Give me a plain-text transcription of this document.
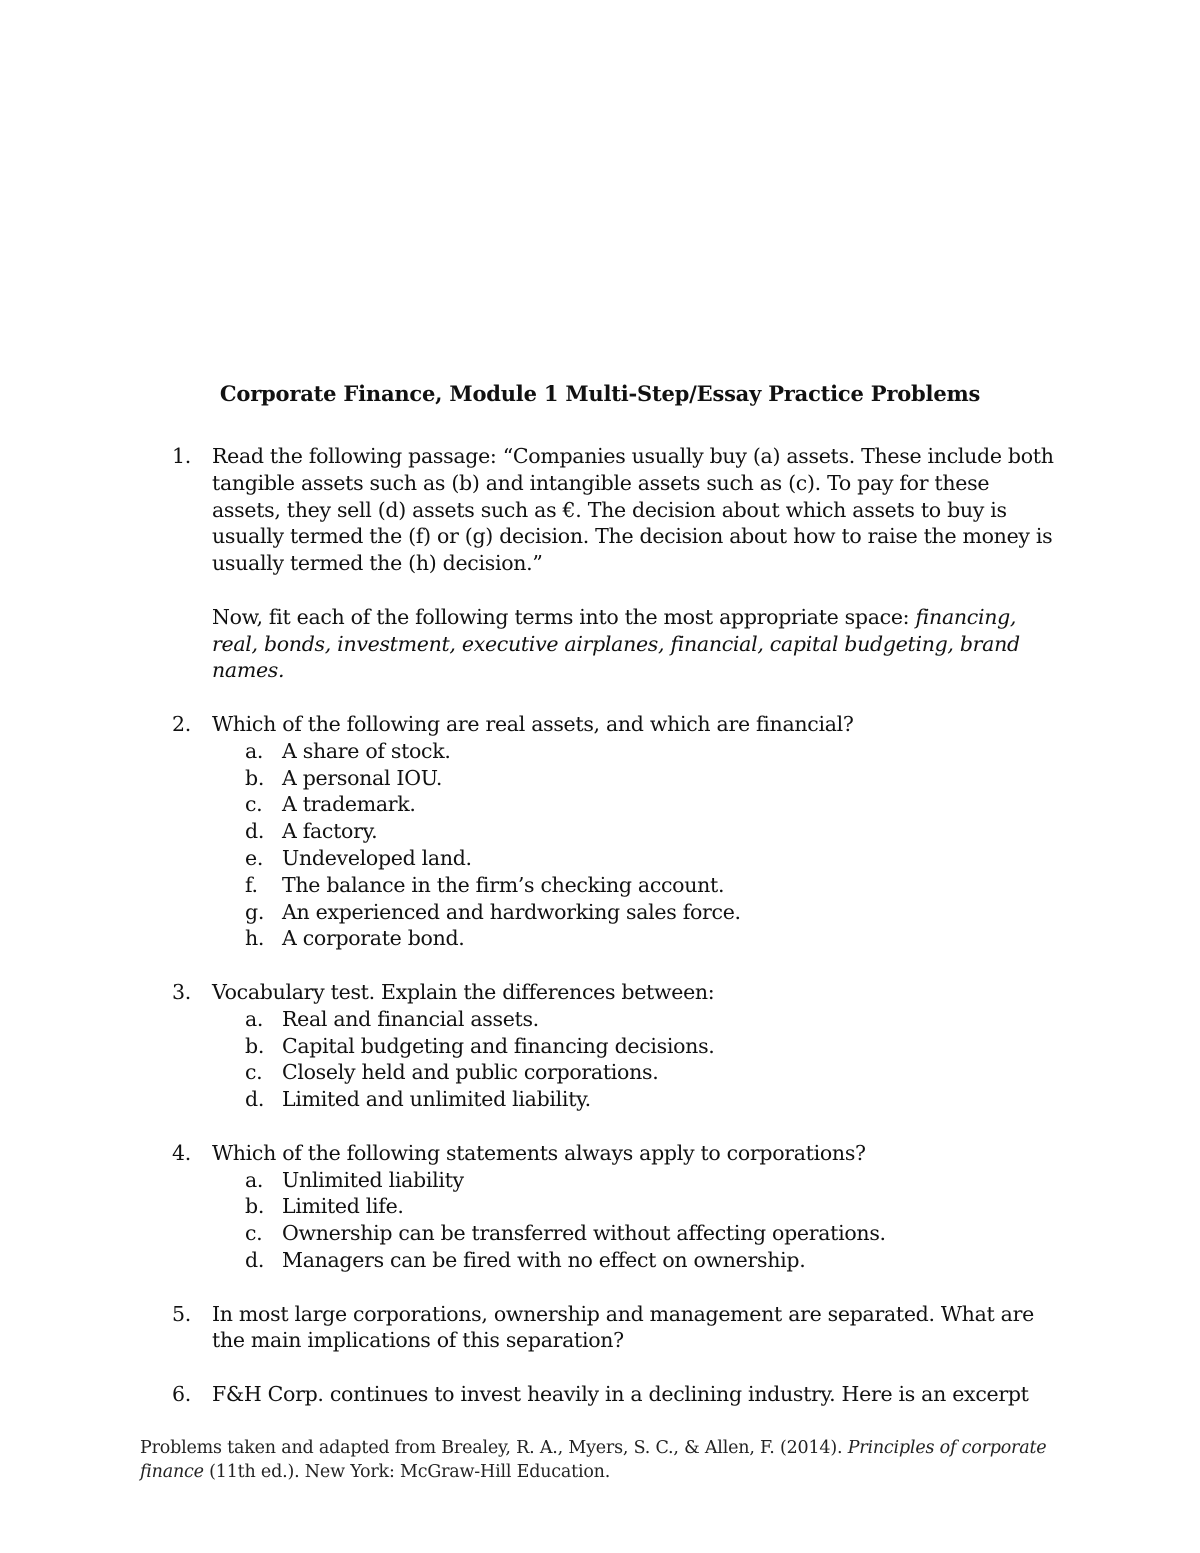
Corporate Finance, Module 1 Multi-Step/Essay Practice Problems
1. Read the following passage: “Companies usually buy (a) assets. These include both tangible assets such as (b) and intangible assets such as (c). To pay for these assets, they sell (d) assets such as €. The decision about which assets to buy is usually termed the (f) or (g) decision. The decision about how to raise the money is usually termed the (h) decision.”
Now, fit each of the following terms into the most appropriate space: financing, real, bonds, investment, executive airplanes, financial, capital budgeting, brand names.
2. Which of the following are real assets, and which are financial?
a. A share of stock.
b. A personal IOU.
c. A trademark.
d. A factory.
e. Undeveloped land.
f. The balance in the firm’s checking account.
g. An experienced and hardworking sales force.
h. A corporate bond.
3. Vocabulary test. Explain the differences between:
a. Real and financial assets.
b. Capital budgeting and financing decisions.
c. Closely held and public corporations.
d. Limited and unlimited liability.
4. Which of the following statements always apply to corporations?
a. Unlimited liability
b. Limited life.
c. Ownership can be transferred without affecting operations.
d. Managers can be fired with no effect on ownership.
5. In most large corporations, ownership and management are separated. What are the main implications of this separation?
6. F&H Corp. continues to invest heavily in a declining industry. Here is an excerpt
Problems taken and adapted from Brealey, R. A., Myers, S. C., & Allen, F. (2014). Principles of corporate finance (11th ed.). New York: McGraw-Hill Education.
